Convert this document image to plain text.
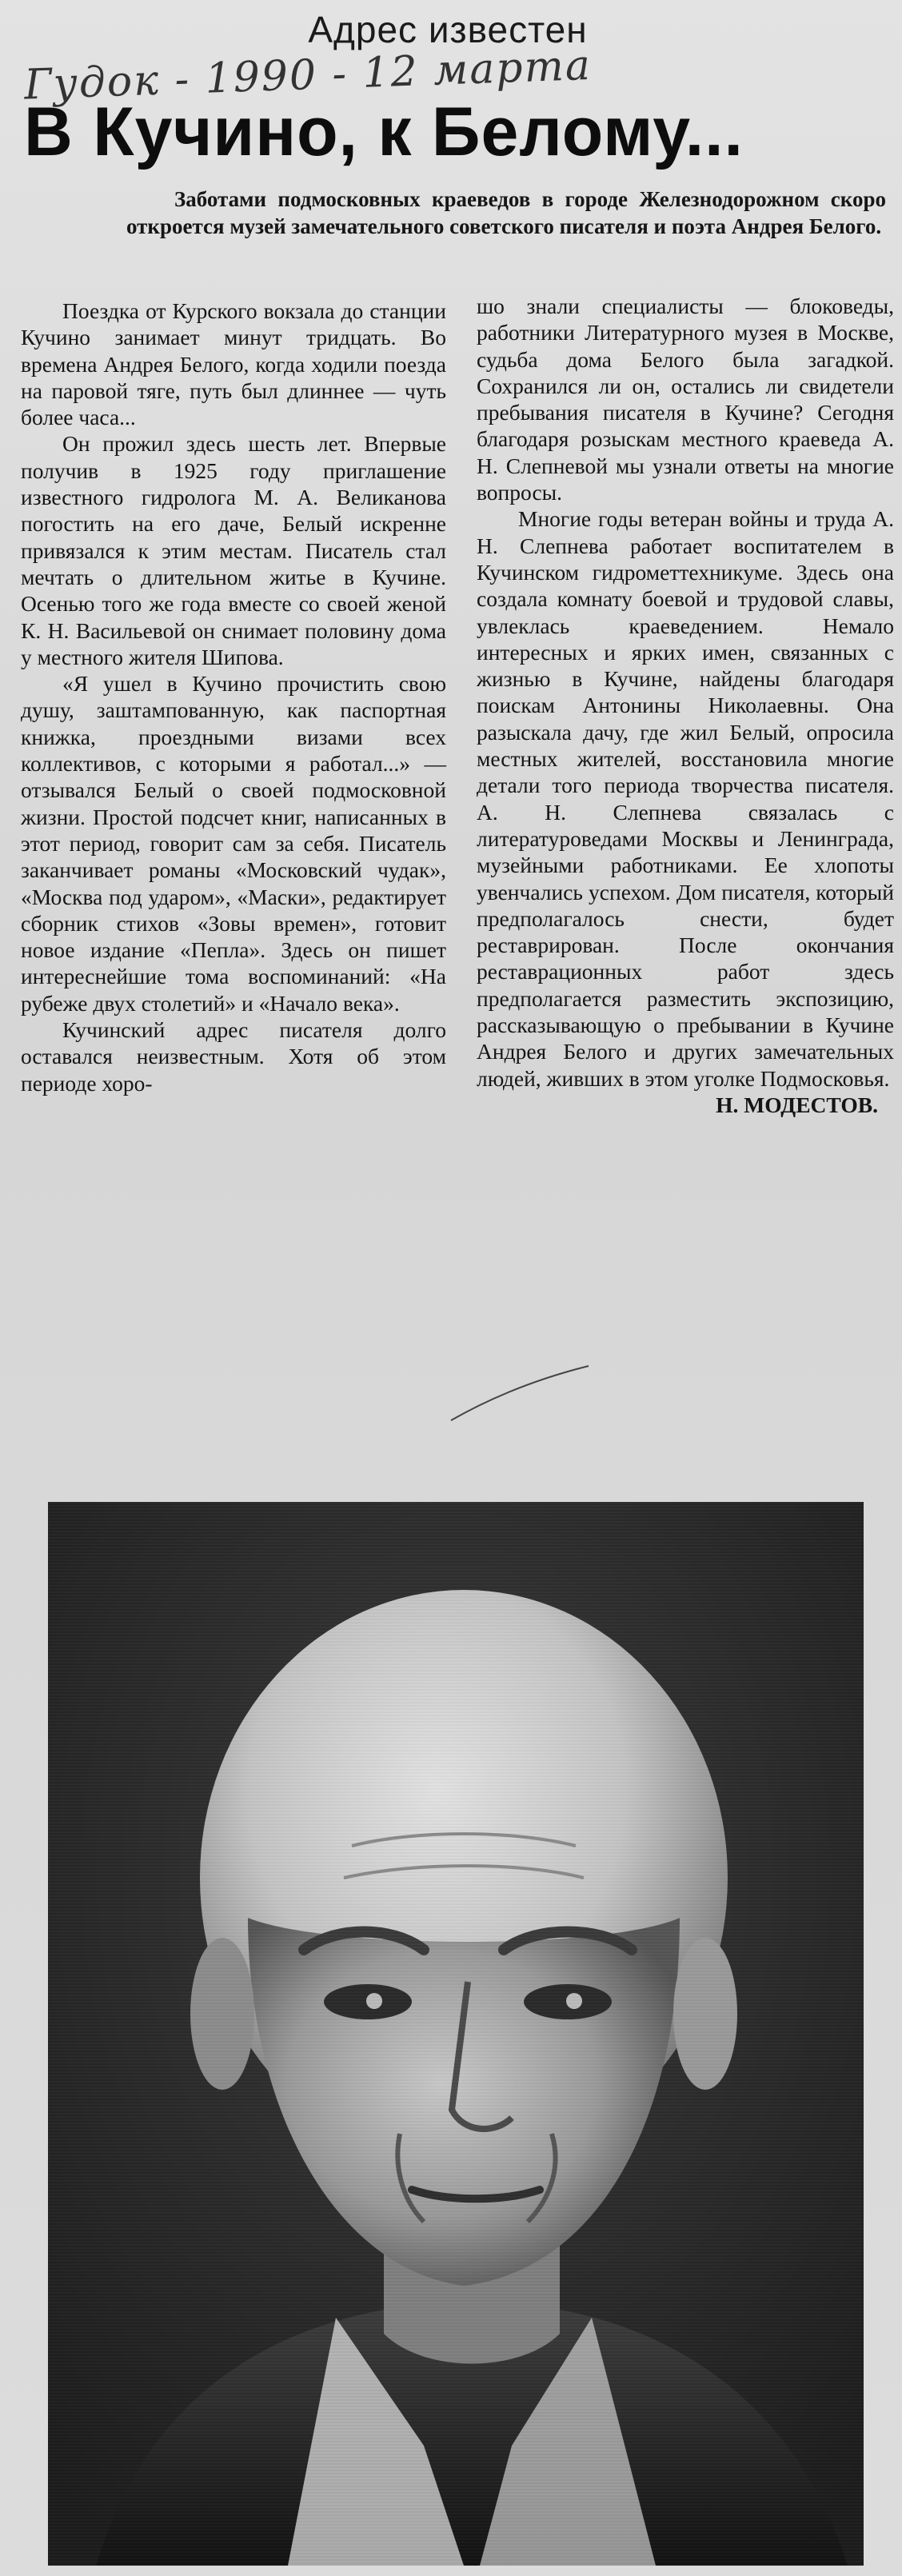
Адрес известен
Гудок - 1990 - 12 марта
В Кучино, к Белому...
Заботами подмосковных краеведов в городе Железнодорожном скоро откроется музей замечательного советского писателя и поэта Андрея Белого.

Поездка от Курского вокзала до станции Кучино занимает минут тридцать. Во времена Андрея Белого, когда ходили поезда на паровой тяге, путь был длиннее — чуть более часа...

Он прожил здесь шесть лет. Впервые получив в 1925 году приглашение известного гидролога М. А. Великанова погостить на его даче, Белый искренне привязался к этим местам. Писатель стал мечтать о длительном житье в Кучине. Осенью того же года вместе со своей женой К. Н. Васильевой он снимает половину дома у местного жителя Шипова.

«Я ушел в Кучино прочистить свою душу, заштампованную, как паспортная книжка, проездными визами всех коллективов, с которыми я работал...» — отзывался Белый о своей подмосковной жизни. Простой подсчет книг, написанных в этот период, говорит сам за себя. Писатель заканчивает романы «Московский чудак», «Москва под ударом», «Маски», редактирует сборник стихов «Зовы времен», готовит новое издание «Пепла». Здесь он пишет интереснейшие тома воспоминаний: «На рубеже двух столетий» и «Начало века».

Кучинский адрес писателя долго оставался неизвестным. Хотя об этом периоде хоро-

шо знали специалисты — блоковеды, работники Литературного музея в Москве, судьба дома Белого была загадкой. Сохранился ли он, остались ли свидетели пребывания писателя в Кучине? Сегодня благодаря розыскам местного краеведа А. Н. Слепневой мы узнали ответы на многие вопросы.

Многие годы ветеран войны и труда А. Н. Слепнева работает воспитателем в Кучинском гидрометтехникуме. Здесь она создала комнату боевой и трудовой славы, увлеклась краеведением. Немало интересных и ярких имен, связанных с жизнью в Кучине, найдены благодаря поискам Антонины Николаевны. Она разыскала дачу, где жил Белый, опросила местных жителей, восстановила многие детали того периода творчества писателя. А. Н. Слепнева связалась с литературоведами Москвы и Ленинграда, музейными работниками. Ее хлопоты увенчались успехом. Дом писателя, который предполагалось снести, будет реставрирован. После окончания реставрационных работ здесь предполагается разместить экспозицию, рассказывающую о пребывании в Кучине Андрея Белого и других замечательных людей, живших в этом уголке Подмосковья.

Н. МОДЕСТОВ.
